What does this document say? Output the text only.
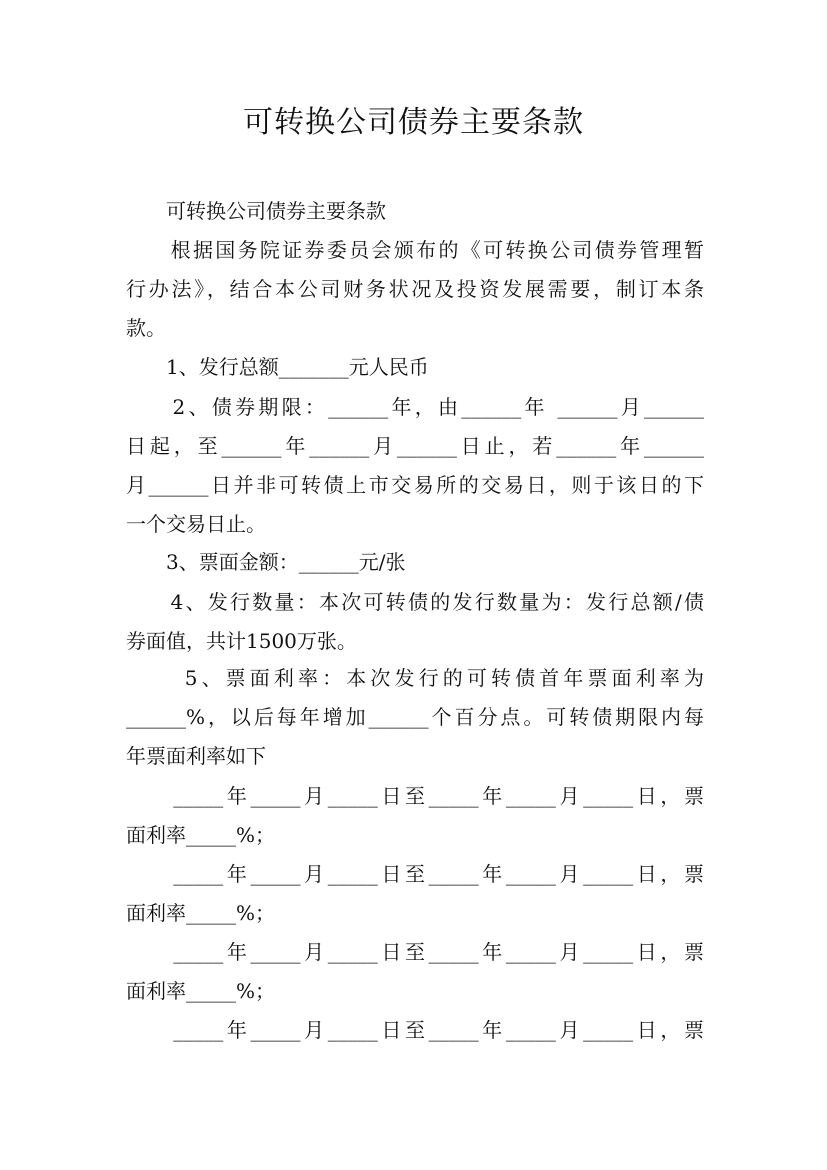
可转换公司债券主要条款
　　可转换公司债券主要条款
　　根据国务院证券委员会颁布的《可转换公司债券管理暂
行办法》，结合本公司财务状况及投资发展需要，制订本条
款。
　　1、发行总额_______元人民币
　　2、债券期限：______年，由______年 ______月______
日起，至______年______月______日止，若______年______
月______日并非可转债上市交易所的交易日，则于该日的下
一个交易日止。
　　3、票面金额：______元/张
　　4、发行数量：本次可转债的发行数量为：发行总额/债
券面值，共计1500万张。
　　 5、票面利率：本次发行的可转债首年票面利率为
______%，以后每年增加______个百分点。可转债期限内每
年票面利率如下
　　_____年_____月_____日至_____年_____月_____日，票
面利率_____%；
　　_____年_____月_____日至_____年_____月_____日，票
面利率_____%；
　　_____年_____月_____日至_____年_____月_____日，票
面利率_____%；
　　_____年_____月_____日至_____年_____月_____日，票
